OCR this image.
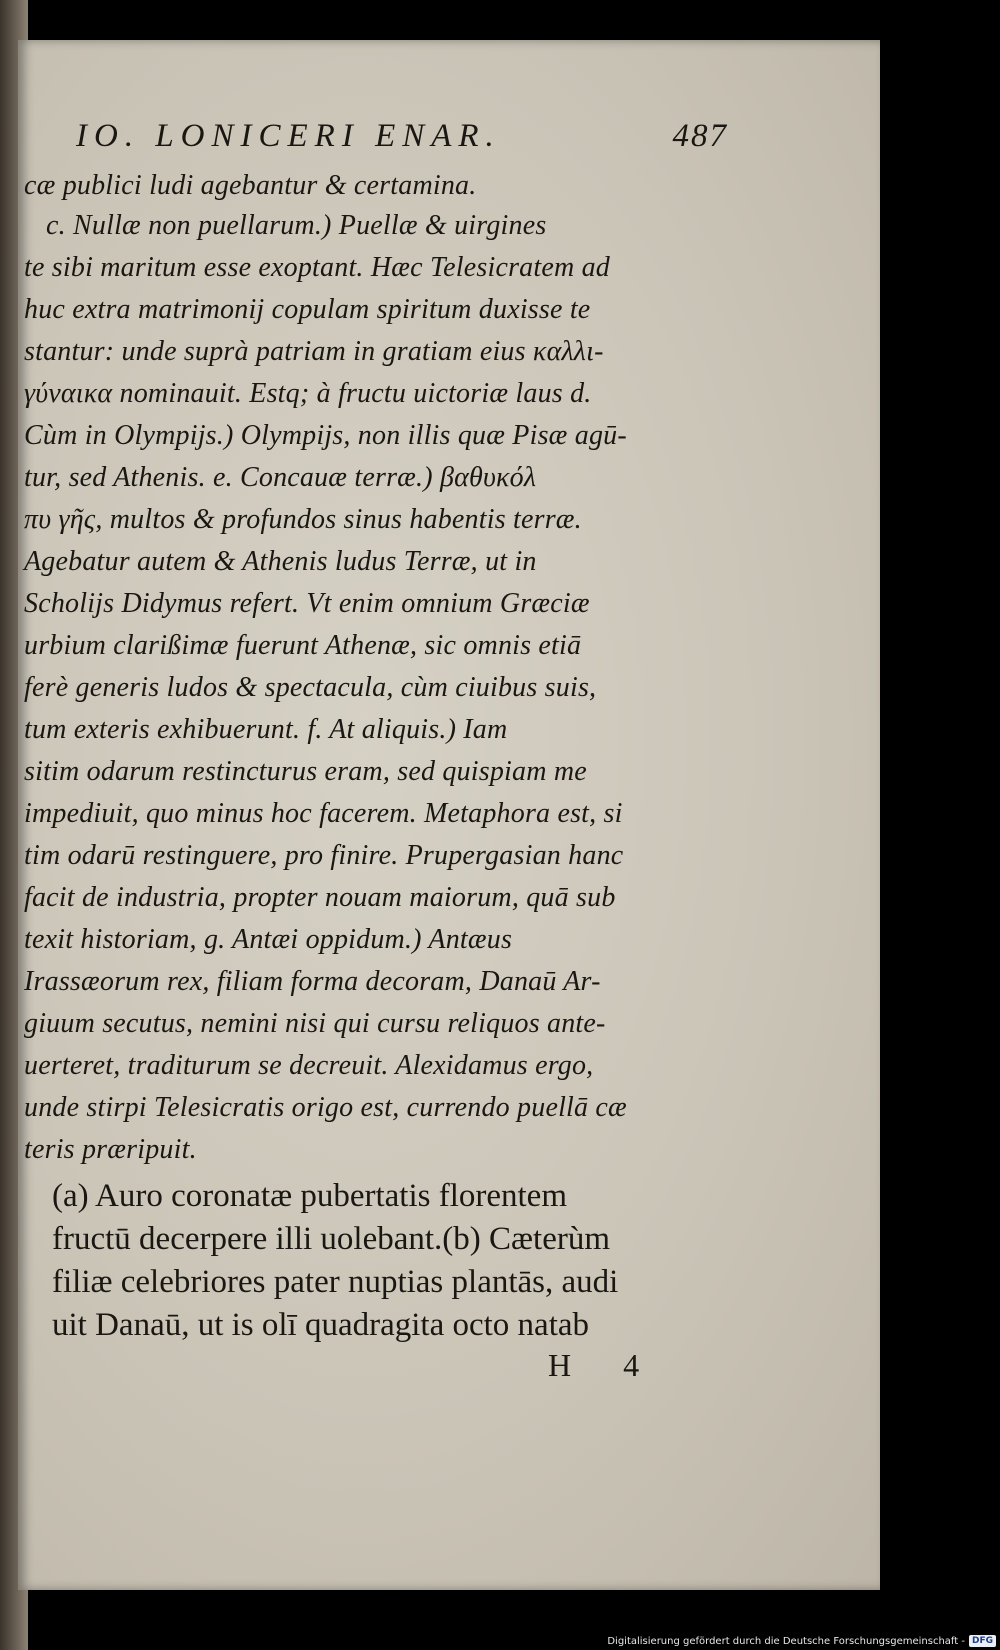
IO. LONICERI ENAR.	487
cæ publici ludi agebantur & certamina.
c. Nullæ non puellarum.) Puellæ & uirgines
te sibi maritum esse exoptant. Hæc Telesicratem ad
huc extra matrimonij copulam spiritum duxisse te
stantur: unde suprà patriam in gratiam eius καλλι-
γύναικα nominauit. Estq; à fructu uictoriæ laus d.
Cùm in Olympijs.) Olympijs, non illis quæ Pisæ agū-
tur, sed Athenis. e. Concauæ terræ.) βαθυκόλ
πυ γῆς, multos & profundos sinus habentis terræ.
Agebatur autem & Athenis ludus Terræ, ut in
Scholijs Didymus refert. Vt enim omnium Græciæ
urbium clarißimæ fuerunt Athenæ, sic omnis etiā
ferè generis ludos & spectacula, cùm ciuibus suis,
tum exteris exhibuerunt. f. At aliquis.) Iam
sitim odarum restincturus eram, sed quispiam me
impediuit, quo minus hoc facerem. Metaphora est, si
tim odarū restinguere, pro finire. Prupergasian hanc
facit de industria, propter nouam maiorum, quā sub
texit historiam, g. Antæi oppidum.) Antæus
Irassæorum rex, filiam forma decoram, Danaū Ar-
giuum secutus, nemini nisi qui cursu reliquos ante-
uerteret, traditurum se decreuit. Alexidamus ergo,
unde stirpi Telesicratis origo est, currendo puellā cæ
teris præripuit.
(a) Auro coronatæ pubertatis florentem
fructū decerpere illi uolebant.(b) Cæterùm
filiæ celebriores pater nuptias plantās, audi
uit Danaū, ut is olī quadragita octo natab
H 4
Digitalisierung gefördert durch die Deutsche Forschungsgemeinschaft - DFG
